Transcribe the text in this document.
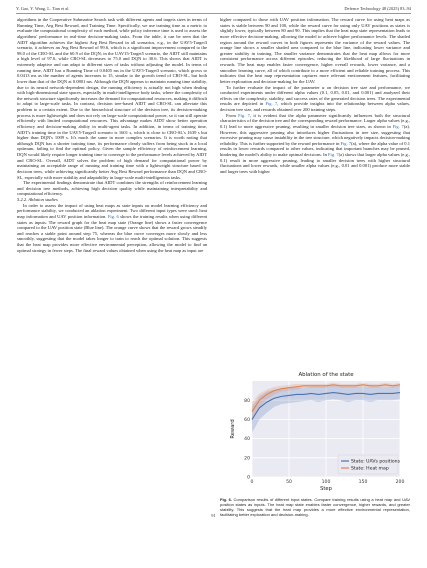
Y. Gao, Y. Wang, L. Tian et al.	Defence Technology 48 (2025) 83–94

algorithms in the Cooperative Submarine Search task with different agents and targets sizes in terms of Running Time, Avg Best Reward, and Training Time. Specifically, we use training time as a metric to evaluate the computational complexity of each method, while policy inference time is used to assess the algorithms' performance in real-time decision-making tasks. From the table, it can be seen that the AIDT algorithm achieves the highest Avg Best Reward in all scenarios, e.g., in the UAV5-Target3 scenario, it achieves an Avg Best Reward of 99.6, which is a significant improvement compared to the 98.0 of the CRO-SL and the 60.9 of the DQN; in the UAV15-Target5 scenario, the AIDT still maintains a high level of 97.6, while CRO-SL decreases to 75.0 and DQN to 30.6. This shows that AIDT is extremely adaptive and can adapt to different sizes of tasks without adjusting the model. In terms of running time, AIDT has a Running Time of 0.0405 ms in the UAV5-Target3 scenario, which grows to 0.0413 ms as the number of agents increases to 15, similar to the growth trend of CRO-SL, but both lower than that of the DQN at 0.0801 ms. Although the DQN appears to maintain running time stability, due to its neural network-dependent design, the running efficiency is actually not high when dealing with high-dimensional state spaces, especially in multi-intelligence body tasks, where the complexity of the network structure significantly increases the demand for computational resources, making it difficult to adapt to large-scale tasks. In contrast, decision tree-based AIDT and CRO-SL can alleviate this problem to a certain extent. Due to the hierarchical structure of the decision tree, its decision-making process is more lightweight and does not rely on large-scale computational power, so it can still operate efficiently with limited computational resources. This advantage makes AIDT show better operation efficiency and decision-making ability in multi-agent tasks. In addition, in terms of training time, AIDT's training time in the UAV5-Target3 scenario is 1601 s, which is close to CRO-SL's 1639 s but higher than DQN's 1009 s. It's much the same in more complex scenarios. It is worth noting that although DQN has a shorter training time, its performance clearly suffers from being stuck in a local optimum, failing to find the optimal policy. Given the sample efficiency of reinforcement learning, DQN would likely require longer training time to converge to the performance levels achieved by AIDT and CRO-SL. Overall, AIDT solves the problem of high demand for computational power by maintaining an acceptable range of running and training time with a lightweight structure based on decision trees, while achieving significantly better Avg Best Reward performance than DQN and CRO-SL, especially with more stability and adaptability in large-scale multi-intelligentsia tasks.

The experimental findings demonstrate that AIDT combines the strengths of reinforcement learning and decision tree methods, achieving high decision quality while maintaining interpretability and computational efficiency.

5.2.2. Ablation studies

In order to assess the impact of using heat maps as state inputs on model learning efficiency and performance stability, we conducted an ablation experiment. Two different input types were used: heat map information and UAV position information. Fig. 6 shows the training results when using different states as inputs. The reward graph for the heat map state (Orange line) shows a faster convergence compared to the UAV position state (Blue line). The orange curve shows that the reward grows steadily and reaches a stable point around step 75, whereas the blue curve converges more slowly and less smoothly, suggesting that the model takes longer to train to reach the optimal solution. This suggests that the heat map provides more effective environmental perception, allowing the model to find an optimal strategy in fewer steps. The final reward values obtained when using the heat map as input are

higher compared to those with UAV position information. The reward curve for using heat maps as states is stable between 90 and 100, while the reward curve for using only UAV positions as states is slightly lower, typically between 80 and 90. This implies that the heat map state representation leads to more effective decision-making, allowing the model to achieve higher performance levels. The shaded region around the reward curves in both figures represents the variance of the reward values. The orange line shows a smaller shaded area compared to the blue line, indicating lower variance and greater stability in training. The smaller variance demonstrates that the heat map allows for more consistent performance across different episodes, reducing the likelihood of large fluctuations in rewards. The heat map enables faster convergence, higher overall rewards, lower variance, and a smoother learning curve, all of which contribute to a more efficient and reliable training process. This indicates that the heat map representation captures more relevant environment features, facilitating better exploration and decision-making for the UAV.

To further evaluate the impact of the parameter α on decision tree size and performance, we conducted experiments under different alpha values (0.1, 0.05, 0.01, and 0.001) and analyzed their effects on the complexity, stability, and success rates of the generated decision trees. The experimental results are depicted in Fig. 7, which provide insights into the relationship between alpha values, decision tree size, and rewards obtained over 200 training steps.

From Fig. 7, it is evident that the alpha parameter significantly influences both the structural characteristics of the decision tree and the corresponding reward performance. Larger alpha values (e.g., 0.1) lead to more aggressive pruning, resulting in smaller decision tree sizes, as shown in Fig. 7(a). However, this aggressive pruning also introduces higher fluctuations in tree size, suggesting that excessive pruning may cause instability in the tree structure, which negatively impacts decision-making reliability. This is further supported by the reward performance in Fig. 7(a), where the alpha value of 0.1 results in lower rewards compared to other values, indicating that important branches may be pruned, hindering the model's ability to make optimal decisions. In Fig. 7(a) shows that larger alpha values (e.g., 0.1) result in more aggressive pruning, leading to smaller decision trees with higher structural fluctuations and lower rewards, while smaller alpha values (e.g., 0.01 and 0.001) produce more stable and larger trees with higher

0	50	100	150	200
0
20
40
60
80
Ablation of the state
Step
Reward
State: UAVs positions
State: Heat map
Fig. 6. Comparison results of different input states. Compare training results using a heat map and UAV position states as inputs. The heat map state enables faster convergence, higher rewards, and greater stability. This suggests that the heat map provides a more effective environmental representation, facilitating better exploration and decision-making.
91
